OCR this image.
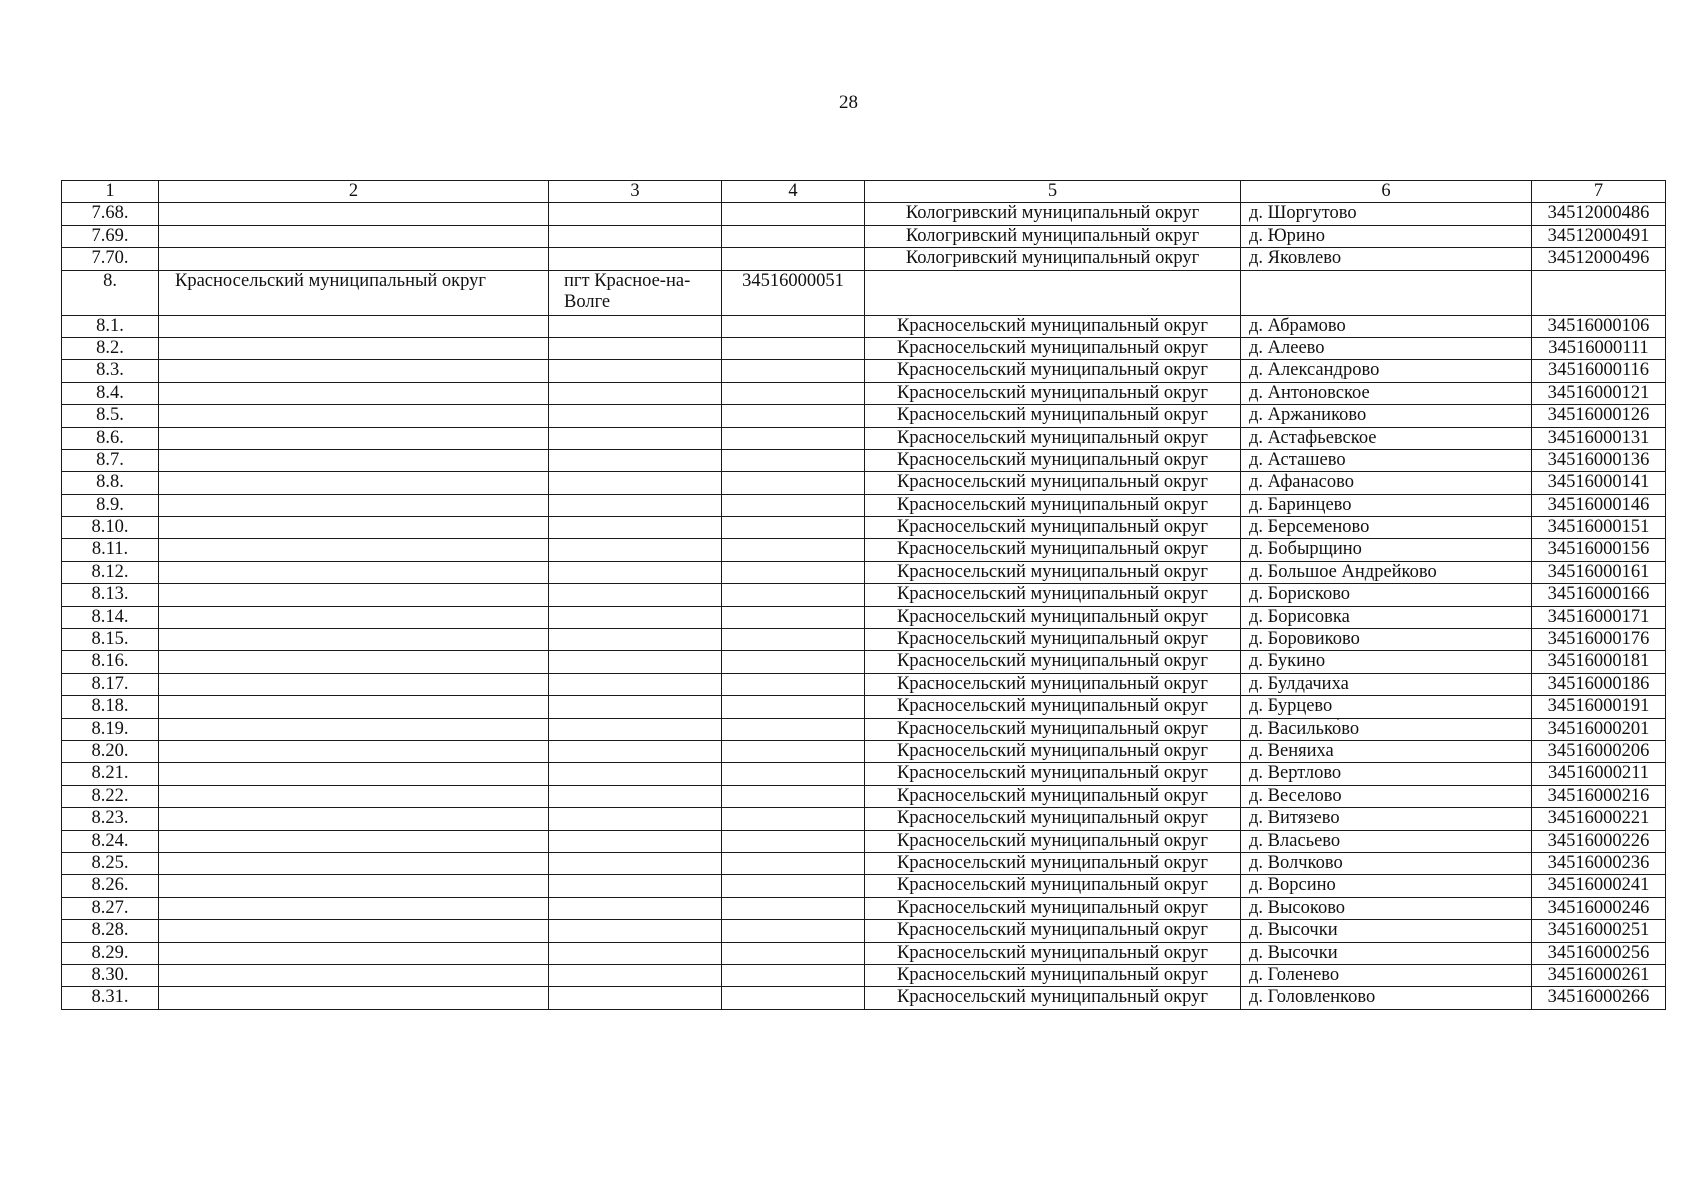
28
1	2	3	4	5	6	7
7.68.				Кологривский муниципальный округ	д. Шоргутово	34512000486
7.69.				Кологривский муниципальный округ	д. Юрино	34512000491
7.70.				Кологривский муниципальный округ	д. Яковлево	34512000496
8.	Красносельский муниципальный округ	пгт Красное-на-Волге	34516000051			
8.1.				Красносельский муниципальный округ	д. Абрамово	34516000106
8.2.				Красносельский муниципальный округ	д. Алеево	34516000111
8.3.				Красносельский муниципальный округ	д. Александрово	34516000116
8.4.				Красносельский муниципальный округ	д. Антоновское	34516000121
8.5.				Красносельский муниципальный округ	д. Аржаниково	34516000126
8.6.				Красносельский муниципальный округ	д. Астафьевское	34516000131
8.7.				Красносельский муниципальный округ	д. Асташево	34516000136
8.8.				Красносельский муниципальный округ	д. Афанасово	34516000141
8.9.				Красносельский муниципальный округ	д. Баринцево	34516000146
8.10.				Красносельский муниципальный округ	д. Берсеменово	34516000151
8.11.				Красносельский муниципальный округ	д. Бобырщино	34516000156
8.12.				Красносельский муниципальный округ	д. Большое Андрейково	34516000161
8.13.				Красносельский муниципальный округ	д. Борисково	34516000166
8.14.				Красносельский муниципальный округ	д. Борисовка	34516000171
8.15.				Красносельский муниципальный округ	д. Боровиково	34516000176
8.16.				Красносельский муниципальный округ	д. Букино	34516000181
8.17.				Красносельский муниципальный округ	д. Булдачиха	34516000186
8.18.				Красносельский муниципальный округ	д. Бурцево	34516000191
8.19.				Красносельский муниципальный округ	д. Василько́во	34516000201
8.20.				Красносельский муниципальный округ	д. Веняиха	34516000206
8.21.				Красносельский муниципальный округ	д. Вертлово	34516000211
8.22.				Красносельский муниципальный округ	д. Веселово	34516000216
8.23.				Красносельский муниципальный округ	д. Витязево	34516000221
8.24.				Красносельский муниципальный округ	д. Власьево	34516000226
8.25.				Красносельский муниципальный округ	д. Волчково	34516000236
8.26.				Красносельский муниципальный округ	д. Ворсино	34516000241
8.27.				Красносельский муниципальный округ	д. Высоково	34516000246
8.28.				Красносельский муниципальный округ	д. Высочки	34516000251
8.29.				Красносельский муниципальный округ	д. Высочки	34516000256
8.30.				Красносельский муниципальный округ	д. Голенево	34516000261
8.31.				Красносельский муниципальный округ	д. Головленково	34516000266
